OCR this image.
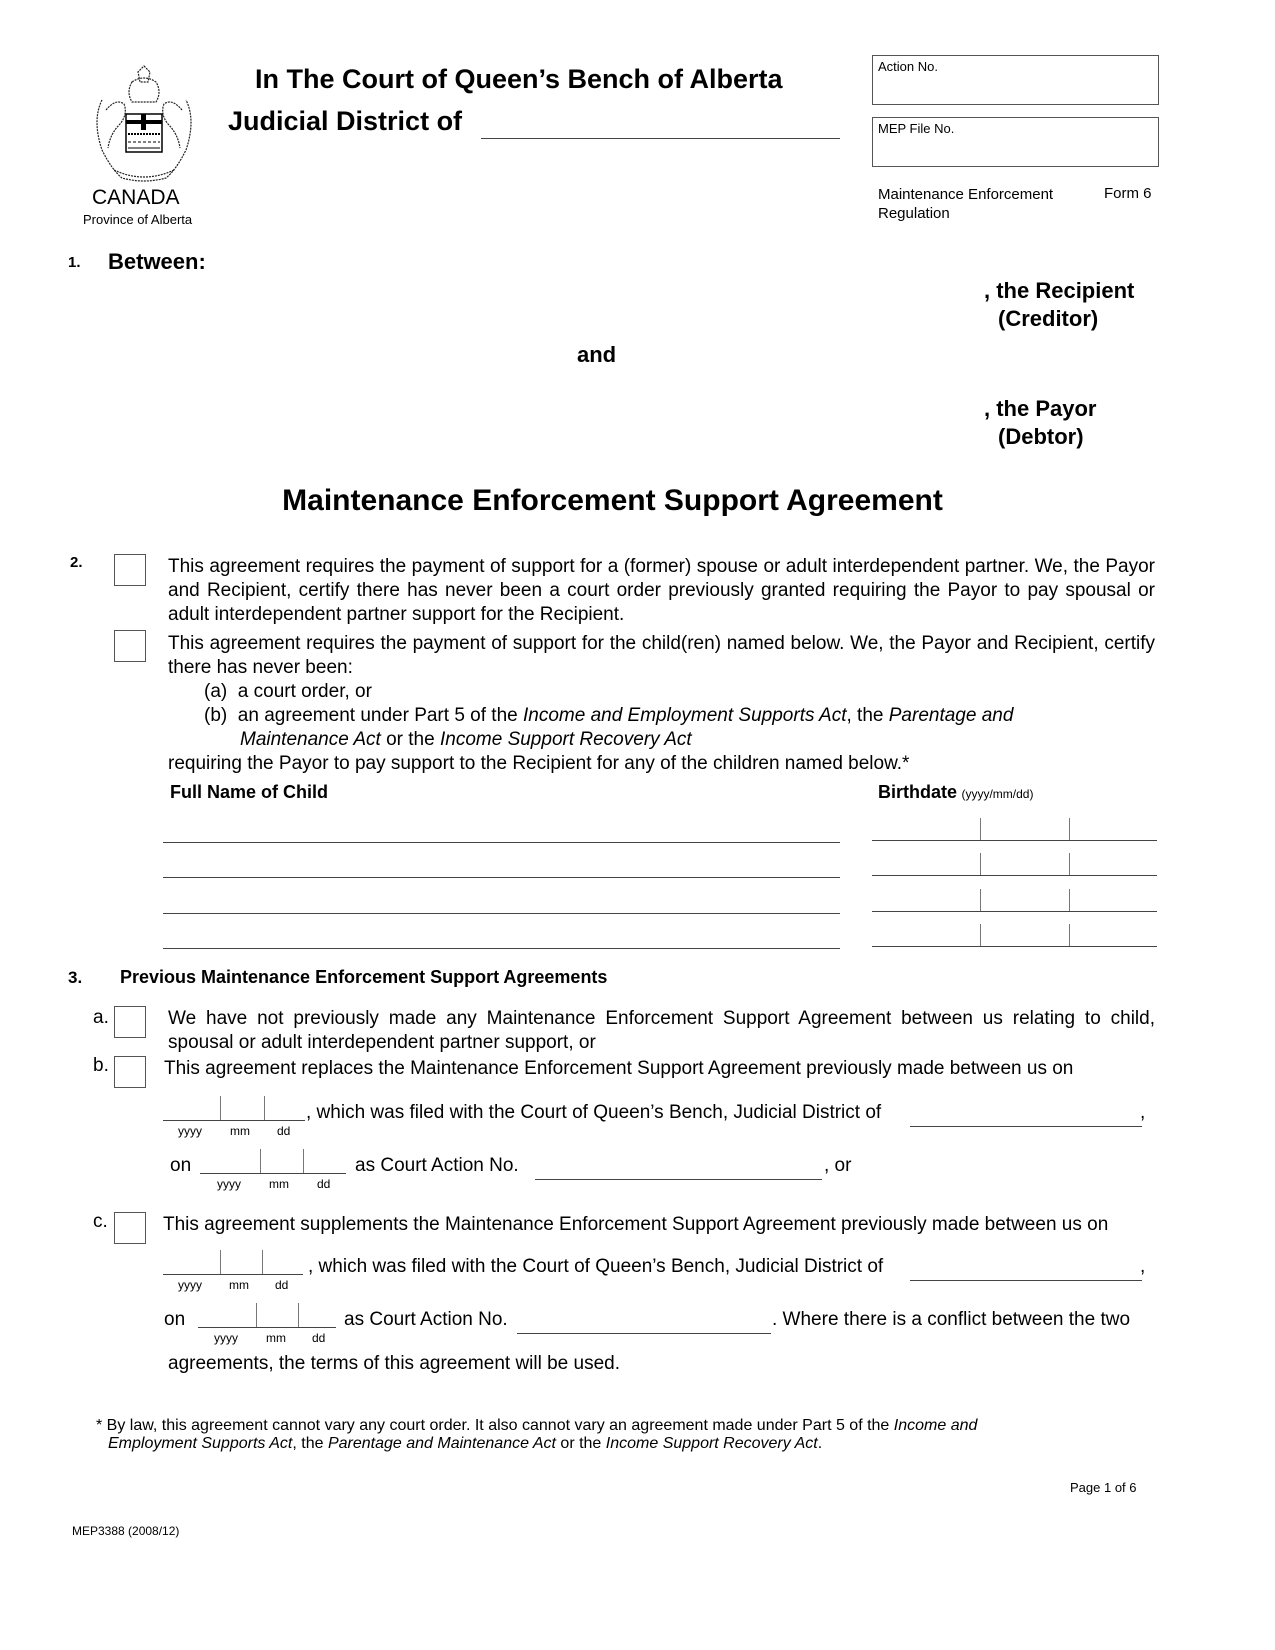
CANADA
Province of Alberta
In The Court of Queen’s Bench of Alberta
Judicial District of
Action No.
MEP File No.
Maintenance Enforcement Regulation
Form 6
1. Between:
, the Recipient
(Creditor)
and
, the Payor
(Debtor)
Maintenance Enforcement Support Agreement
2.	This agreement requires the payment of support for a (former) spouse or adult interdependent partner. We, the Payor and Recipient, certify there has never been a court order previously granted requiring the Payor to pay spousal or adult interdependent partner support for the Recipient.
This agreement requires the payment of support for the child(ren) named below. We, the Payor and Recipient, certify there has never been:
(a) a court order, or
(b) an agreement under Part 5 of the Income and Employment Supports Act, the Parentage and
Maintenance Act or the Income Support Recovery Act
requiring the Payor to pay support to the Recipient for any of the children named below.*
Full Name of Child	Birthdate (yyyy/mm/dd)
3. Previous Maintenance Enforcement Support Agreements
a.	We have not previously made any Maintenance Enforcement Support Agreement between us relating to child, spousal or adult interdependent partner support, or
b.	This agreement replaces the Maintenance Enforcement Support Agreement previously made between us on
yyyy mm dd
, which was filed with the Court of Queen’s Bench, Judicial District of	,
on
yyyy mm dd
as Court Action No.	, or
c.	This agreement supplements the Maintenance Enforcement Support Agreement previously made between us on
yyyy mm dd
, which was filed with the Court of Queen’s Bench, Judicial District of	,
on
yyyy mm dd
as Court Action No.	. Where there is a conflict between the two
agreements, the terms of this agreement will be used.
* By law, this agreement cannot vary any court order. It also cannot vary an agreement made under Part 5 of the Income and
Employment Supports Act, the Parentage and Maintenance Act or the Income Support Recovery Act.
Page 1 of 6
MEP3388 (2008/12)
